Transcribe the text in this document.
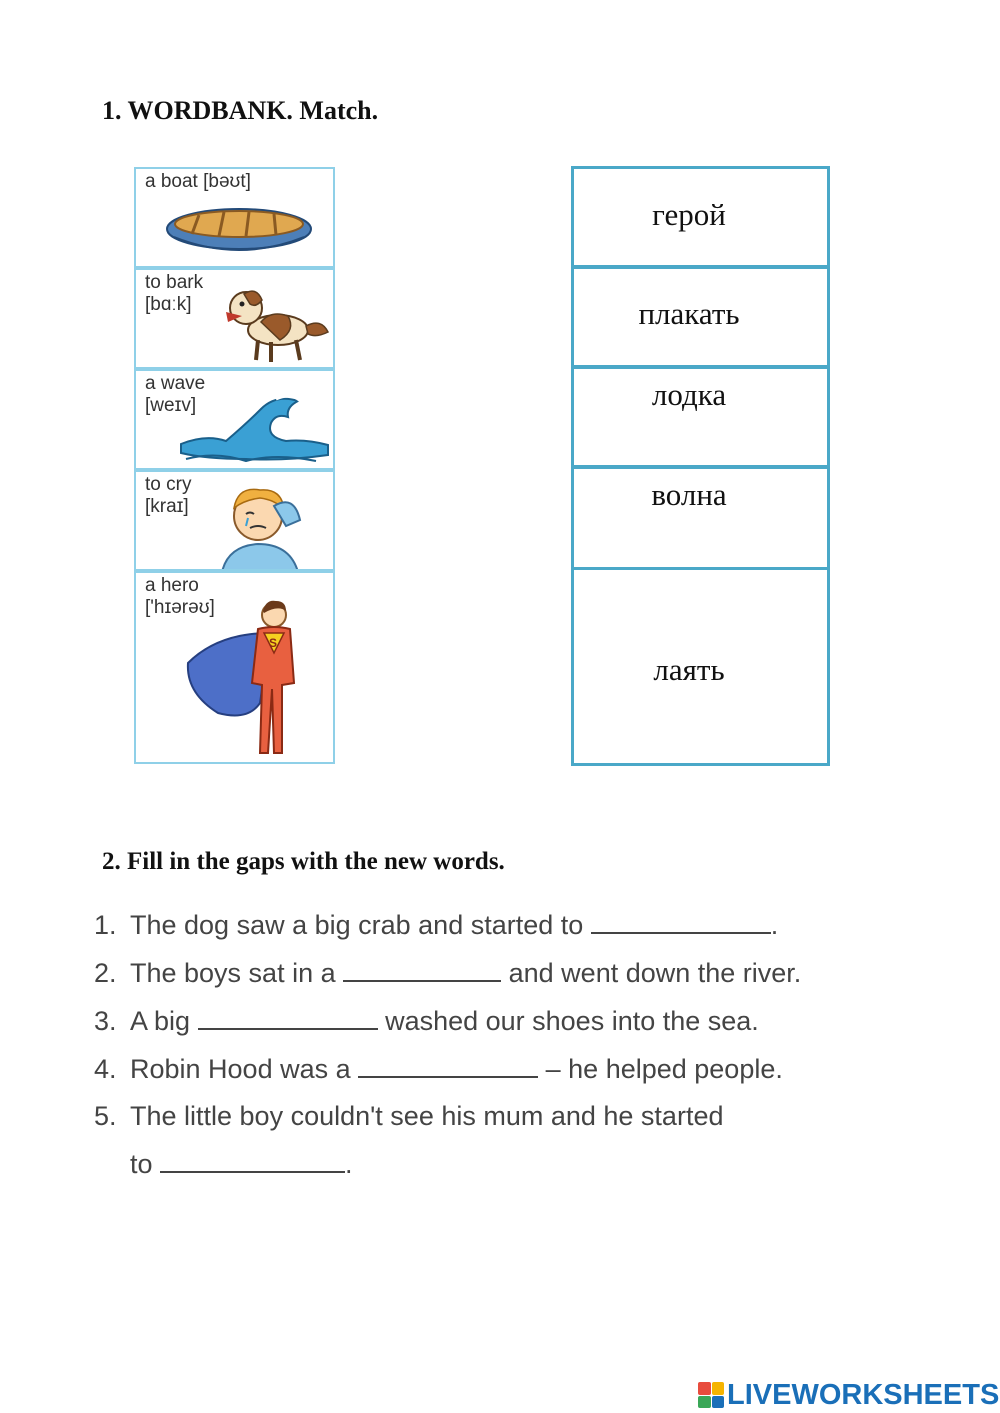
1. WORDBANK. Match.
a boat [bəʊt]
to bark
[bɑːk]
a wave
[weɪv]
to cry
[kraɪ]
a hero
['hɪərəʊ]
S
герой
плакать
лодка
волна
лаять
2. Fill in the gaps with the new words.
1. The dog saw a big crab and started to	.
2. The boys sat in a	and went down the river.
3. A big	washed our shoes into the sea.
4. Robin Hood was a	– he helped people.
5. The little boy couldn't see his mum and he started
to	.
LIVEWORKSHEETS
